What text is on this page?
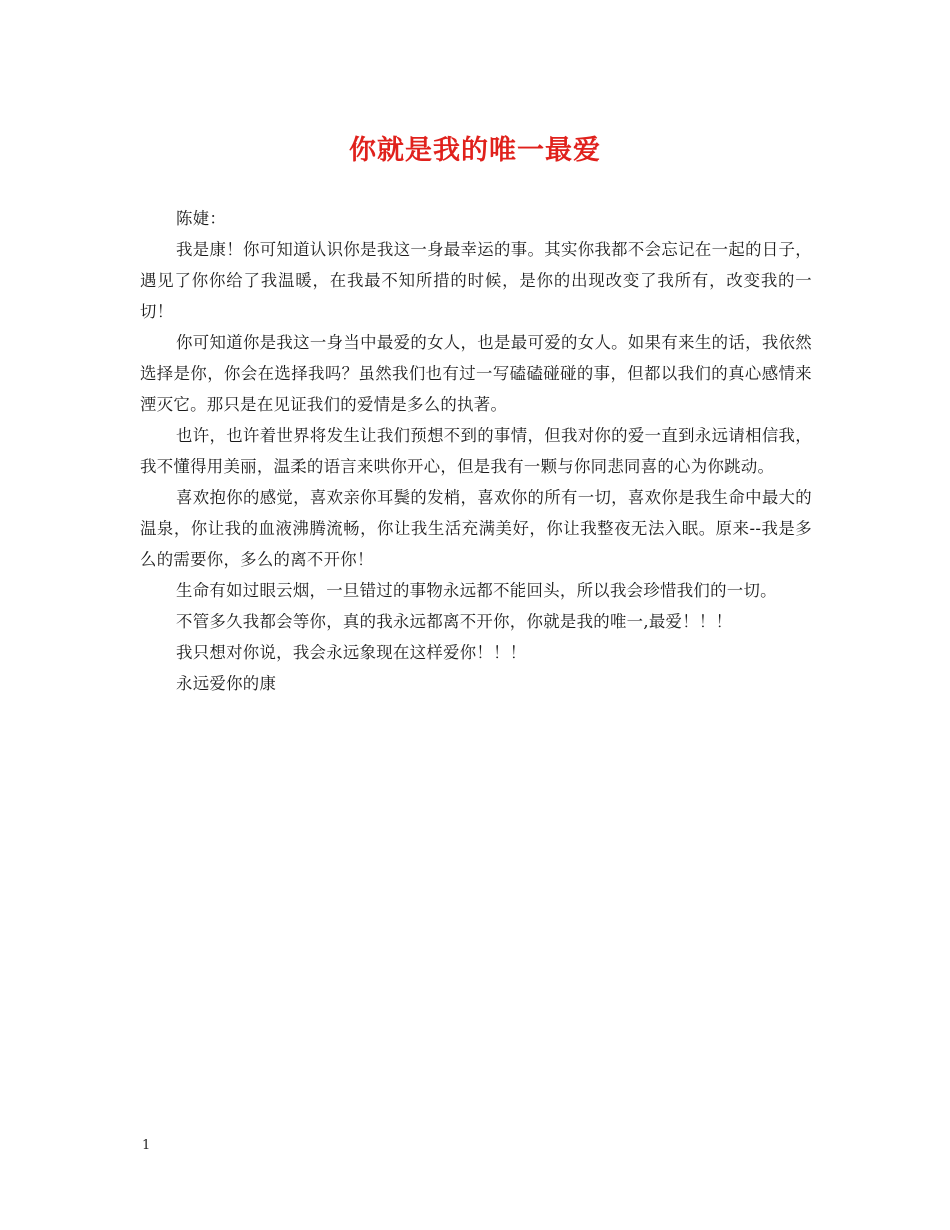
你就是我的唯一最爱

陈婕：

我是康！你可知道认识你是我这一身最幸运的事。其实你我都不会忘记在一起的日子，遇见了你你给了我温暖，在我最不知所措的时候，是你的出现改变了我所有，改变我的一切！

你可知道你是我这一身当中最爱的女人，也是最可爱的女人。如果有来生的话，我依然选择是你，你会在选择我吗？虽然我们也有过一写磕磕碰碰的事，但都以我们的真心感情来湮灭它。那只是在见证我们的爱情是多么的执著。

也许，也许着世界将发生让我们预想不到的事情，但我对你的爱一直到永远请相信我，我不懂得用美丽，温柔的语言来哄你开心，但是我有一颗与你同悲同喜的心为你跳动。

喜欢抱你的感觉，喜欢亲你耳鬓的发梢，喜欢你的所有一切，喜欢你是我生命中最大的温泉，你让我的血液沸腾流畅，你让我生活充满美好，你让我整夜无法入眠。原来--我是多么的需要你，多么的离不开你！

生命有如过眼云烟，一旦错过的事物永远都不能回头，所以我会珍惜我们的一切。

不管多久我都会等你，真的我永远都离不开你，你就是我的唯一,最爱！！！

我只想对你说，我会永远象现在这样爱你！！！

永远爱你的康

1
